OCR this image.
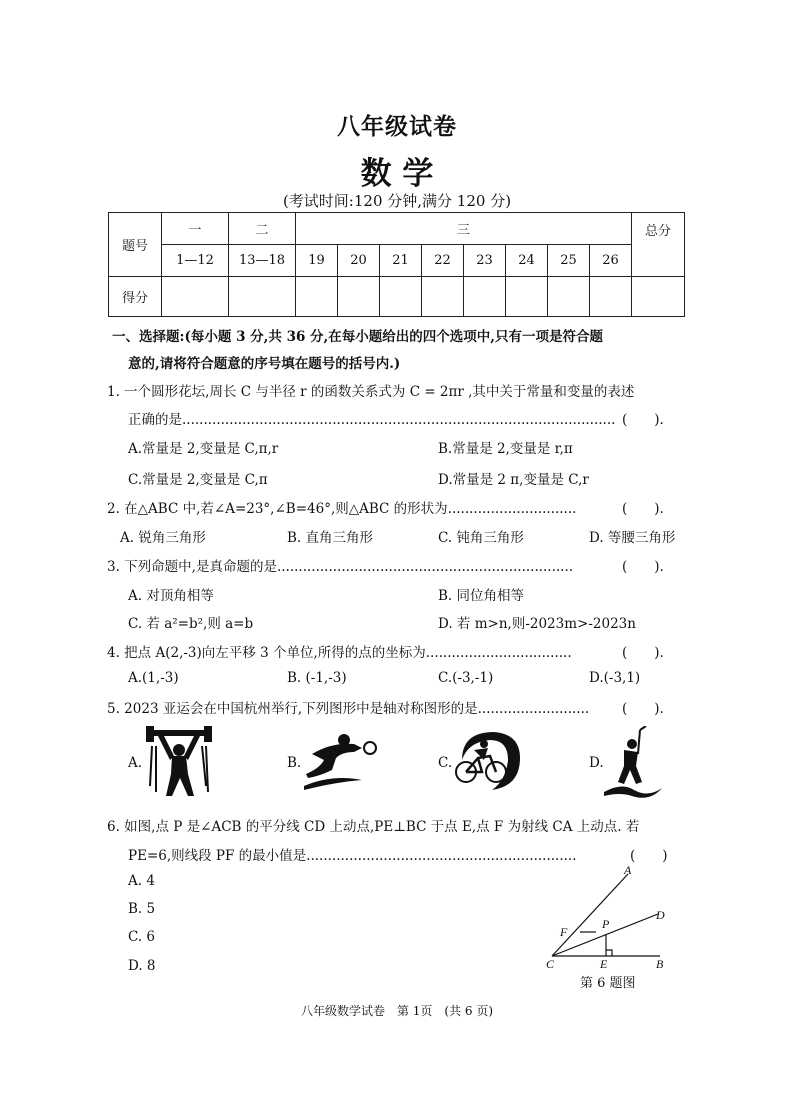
八年级试卷
数 学
(考试时间:120 分钟,满分 120 分)
题号	一	二	三								总分
	1—12	13—18	19	20	21	22	23	24	25	26	
得分											
一、选择题:(每小题 3 分,共 36 分,在每小题给出的四个选项中,只有一项是符合题
意的,请将符合题意的序号填在题号的括号内.)
1. 一个圆形花坛,周长 C 与半径 r 的函数关系式为 C = 2πr ,其中关于常量和变量的表述
正确的是..................................................................................................... (　　).
A.常量是 2,变量是 C,π,r	B.常量是 2,变量是 r,π
C.常量是 2,变量是 C,π	D.常量是 2 π,变量是 C,r
2. 在△ABC 中,若∠A=23°,∠B=46°,则△ABC 的形状为..............................	(　　).
A. 锐角三角形	B. 直角三角形	C. 钝角三角形	D. 等腰三角形
3. 下列命题中,是真命题的是.....................................................................	(　　).
A. 对顶角相等	B. 同位角相等
C. 若 a²=b²,则 a=b	D. 若 m>n,则-2023m>-2023n
4. 把点 A(2,-3)向左平移 3 个单位,所得的点的坐标为..................................	(　　).
A.(1,-3)	B. (-1,-3)	C.(-3,-1)	D.(-3,1)
5. 2023 亚运会在中国杭州举行,下列图形中是轴对称图形的是..........................	(　　).
A.	B.	C.	D.
6. 如图,点 P 是∠ACB 的平分线 CD 上动点,PE⊥BC 于点 E,点 F 为射线 CA 上动点. 若
PE=6,则线段 PF 的最小值是...............................................................	(　　)
A. 4
B. 5
C. 6
D. 8
A
D
F
P
C	E	B
第 6 题图
八年级数学试卷　第 1页　(共 6 页)
